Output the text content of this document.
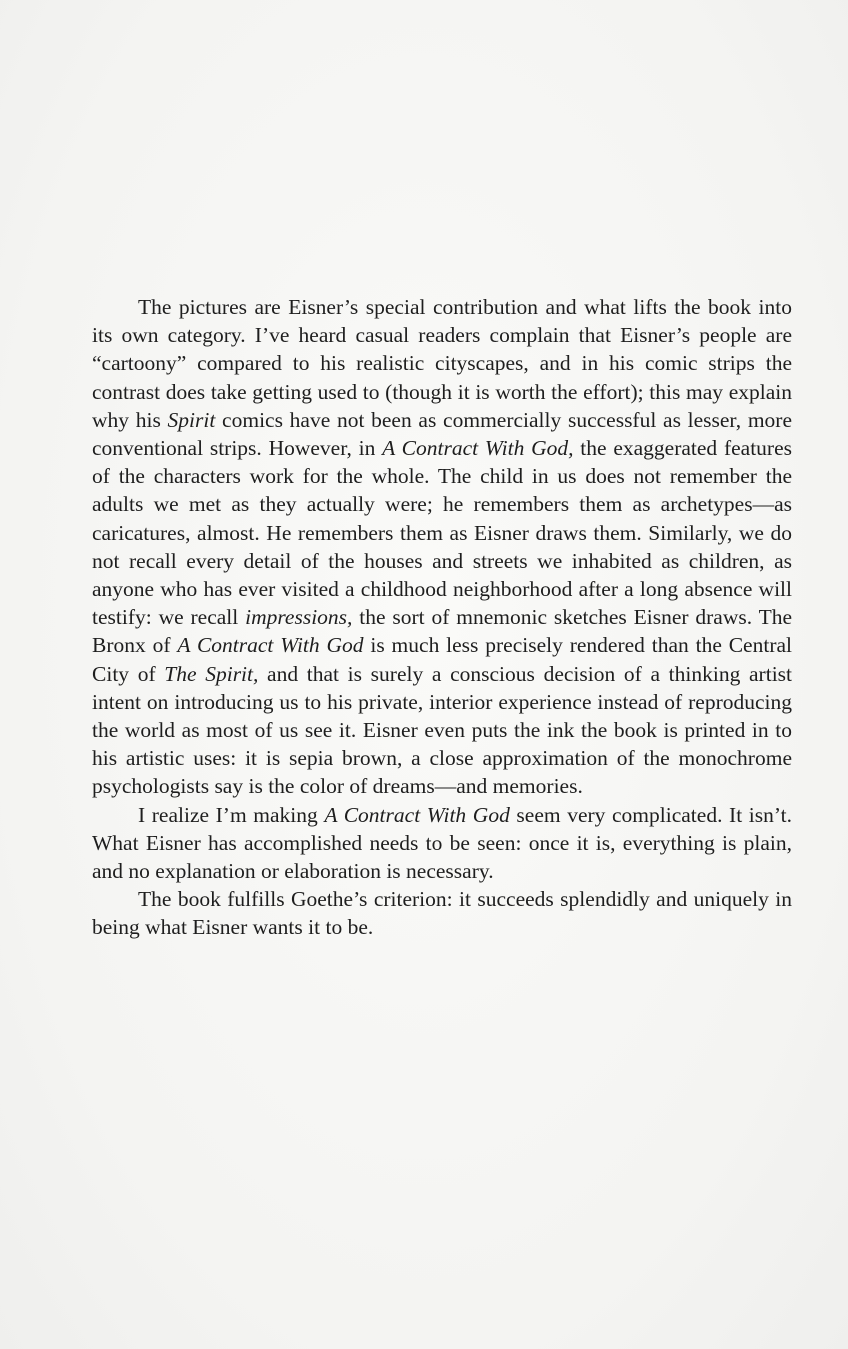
The pictures are Eisner’s special contribution and what lifts the book into its own category. I’ve heard casual readers complain that Eisner’s people are “cartoony” compared to his realistic cityscapes, and in his comic strips the contrast does take getting used to (though it is worth the effort); this may explain why his Spirit comics have not been as commercially successful as lesser, more conventional strips. However, in A Contract With God, the exaggerated features of the characters work for the whole. The child in us does not remember the adults we met as they actually were; he remembers them as archetypes—as caricatures, almost. He remembers them as Eisner draws them. Similarly, we do not recall every detail of the houses and streets we inhabited as children, as anyone who has ever visited a childhood neighborhood after a long absence will testify: we recall impressions, the sort of mnemonic sketches Eisner draws. The Bronx of A Contract With God is much less precisely rendered than the Central City of The Spirit, and that is surely a conscious decision of a thinking artist intent on introducing us to his private, interior experience instead of reproducing the world as most of us see it. Eisner even puts the ink the book is printed in to his artistic uses: it is sepia brown, a close approximation of the monochrome psychologists say is the color of dreams—and memories.

I realize I’m making A Contract With God seem very complicated. It isn’t. What Eisner has accomplished needs to be seen: once it is, everything is plain, and no explanation or elaboration is necessary.

The book fulfills Goethe’s criterion: it succeeds splendidly and uniquely in being what Eisner wants it to be.
